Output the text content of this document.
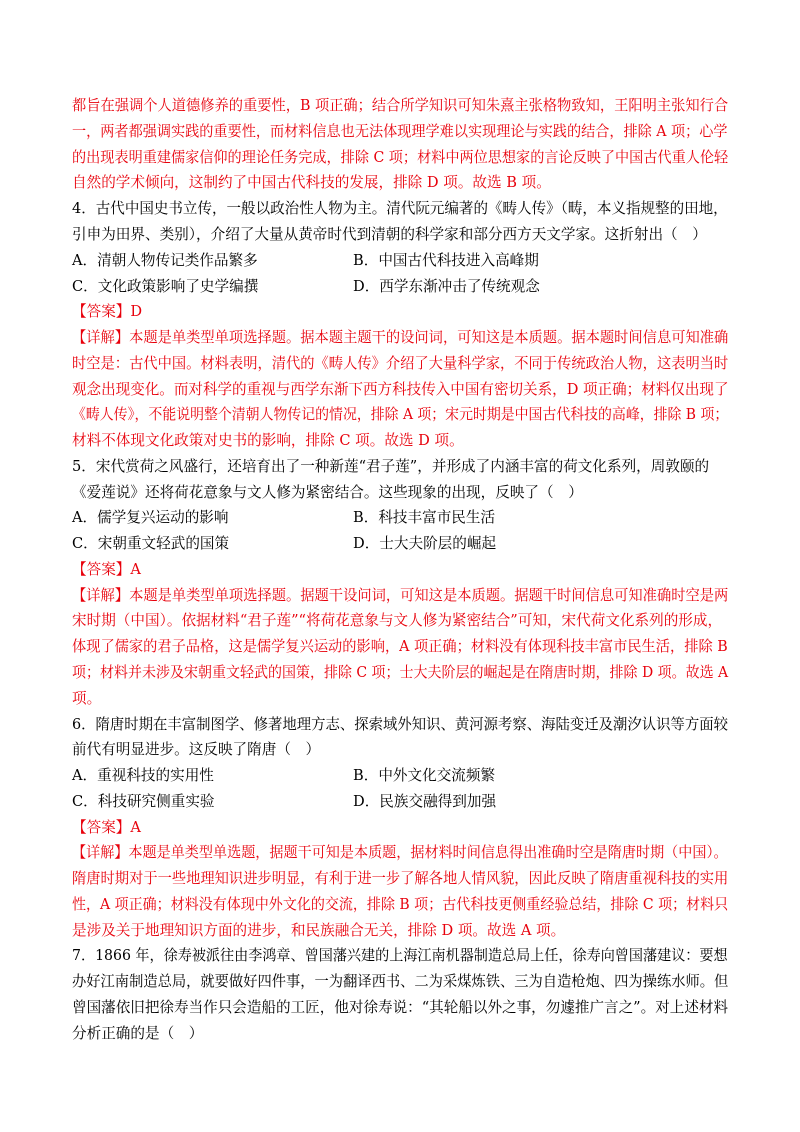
都旨在强调个人道德修养的重要性，B 项正确；结合所学知识可知朱熹主张格物致知，王阳明主张知行合
一，两者都强调实践的重要性，而材料信息也无法体现理学难以实现理论与实践的结合，排除 A 项；心学
的出现表明重建儒家信仰的理论任务完成，排除 C 项；材料中两位思想家的言论反映了中国古代重人伦轻
自然的学术倾向，这制约了中国古代科技的发展，排除 D 项。故选 B 项。
4．古代中国史书立传，一般以政治性人物为主。清代阮元编著的《畴人传》（畴，本义指规整的田地，
引申为田界、类别），介绍了大量从黄帝时代到清朝的科学家和部分西方天文学家。这折射出（　）
A．清朝人物传记类作品繁多	B．中国古代科技进入高峰期
C．文化政策影响了史学编撰	D．西学东渐冲击了传统观念
【答案】D
【详解】本题是单类型单项选择题。据本题主题干的设问词，可知这是本质题。据本题时间信息可知准确
时空是：古代中国。材料表明，清代的《畴人传》介绍了大量科学家，不同于传统政治人物，这表明当时
观念出现变化。而对科学的重视与西学东渐下西方科技传入中国有密切关系，D 项正确；材料仅出现了
《畴人传》，不能说明整个清朝人物传记的情况，排除 A 项；宋元时期是中国古代科技的高峰，排除 B 项；
材料不体现文化政策对史书的影响，排除 C 项。故选 D 项。
5．宋代赏荷之风盛行，还培育出了一种新莲“君子莲”，并形成了内涵丰富的荷文化系列，周敦颐的
《爱莲说》还将荷花意象与文人修为紧密结合。这些现象的出现，反映了（　）
A．儒学复兴运动的影响	B．科技丰富市民生活
C．宋朝重文轻武的国策	D．士大夫阶层的崛起
【答案】A
【详解】本题是单类型单项选择题。据题干设问词，可知这是本质题。据题干时间信息可知准确时空是两
宋时期（中国）。依据材料“君子莲”“将荷花意象与文人修为紧密结合”可知，宋代荷文化系列的形成，
体现了儒家的君子品格，这是儒学复兴运动的影响，A 项正确；材料没有体现科技丰富市民生活，排除 B
项；材料并未涉及宋朝重文轻武的国策，排除 C 项；士大夫阶层的崛起是在隋唐时期，排除 D 项。故选 A
项。
6．隋唐时期在丰富制图学、修著地理方志、探索域外知识、黄河源考察、海陆变迁及潮汐认识等方面较
前代有明显进步。这反映了隋唐（　）
A．重视科技的实用性	B．中外文化交流频繁
C．科技研究侧重实验	D．民族交融得到加强
【答案】A
【详解】本题是单类型单选题，据题干可知是本质题，据材料时间信息得出准确时空是隋唐时期（中国）。
隋唐时期对于一些地理知识进步明显，有利于进一步了解各地人情风貌，因此反映了隋唐重视科技的实用
性，A 项正确；材料没有体现中外文化的交流，排除 B 项；古代科技更侧重经验总结，排除 C 项；材料只
是涉及关于地理知识方面的进步，和民族融合无关，排除 D 项。故选 A 项。
7．1866 年，徐寿被派往由李鸿章、曾国藩兴建的上海江南机器制造总局上任，徐寿向曾国藩建议：要想
办好江南制造总局，就要做好四件事，一为翻译西书、二为采煤炼铁、三为自造枪炮、四为操练水师。但
曾国藩依旧把徐寿当作只会造船的工匠，他对徐寿说：“其轮船以外之事，勿遽推广言之”。对上述材料
分析正确的是（　）
